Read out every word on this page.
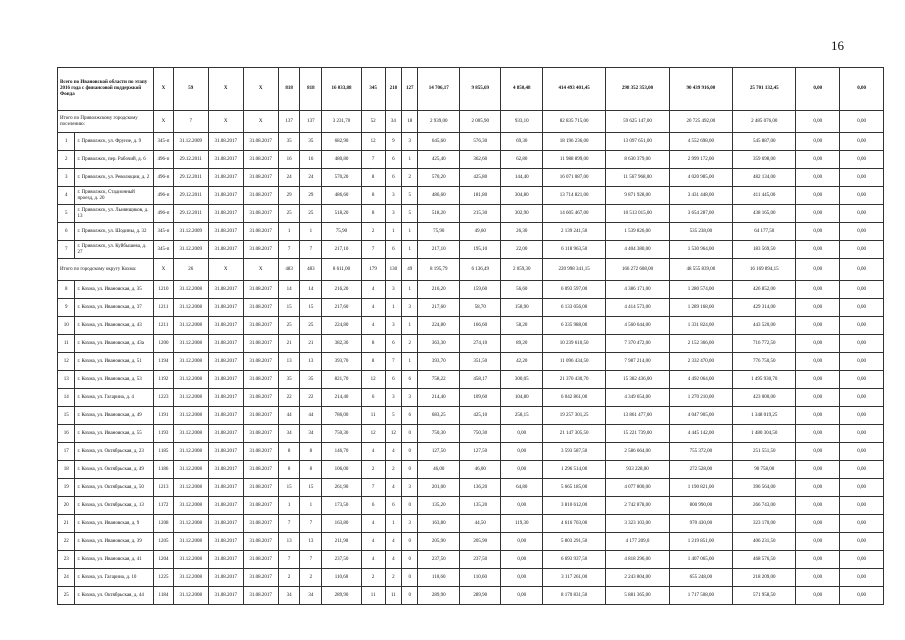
16
Всего по Ивановской области по этапу 2016 года с финансовой поддержкой Фонда		X	59	X	X	818	818	16 033,88	345	218	127	14 706,17	9 855,69	4 850,48	414 493 401,45	298 352 353,00	90 439 916,00	25 701 132,45	0,00	0,00
Итого по Приволжскому городскому поселению:		X	7	X	X	137	137	3 231,70	52	34	18	2 939,00	2 005,90	933,10	82 835 715,00	59 625 147,00	20 725 492,00	2 485 076,00	0,00	0,00
1	г. Приволжск, ул. Фрунзе, д. 9	345-п	31.12.2009	31.08.2017	31.08.2017	35	35	682,90	12	9	3	645,60	576,30	69,30	18 196 236,00	13 097 651,00	4 552 698,00	545 887,00	0,00	0,00
2	г. Приволжск, пер. Рабочий, д. 6	496-п	29.12.2011	31.08.2017	31.08.2017	16	16	480,80	7	6	1	425,40	362,60	62,80	11 988 899,00	8 630 379,00	2 999 172,00	359 698,00	0,00	0,00
3	г. Приволжск, ул. Революции, д. 2	496-п	29.12.2011	31.08.2017	31.08.2017	24	24	570,20	8	6	2	570,20	425,80	144,40	16 071 087,00	11 567 968,00	4 020 985,00	482 134,00	0,00	0,00
4	г. Приволжск, Стадионный проезд, д. 20	496-п	29.12.2011	31.08.2017	31.08.2017	29	29	486,60	8	3	5	486,60	181,80	304,80	13 714 821,00	9 871 928,00	3 431 448,00	411 445,00	0,00	0,00
5	г. Приволжск, ул. Льнянщиков, д. 13	496-п	29.12.2011	31.08.2017	31.08.2017	25	25	518,20	8	3	5	518,20	215,30	302,90	14 605 467,00	10 513 015,00	3 654 287,00	438 165,00	0,00	0,00
6	г. Приволжск, ул. Шодины, д. 32	345-п	31.12.2009	31.08.2017	31.08.2017	1	1	75,90	2	1	1	75,90	49,60	26,30	2 139 241,50	1 539 826,00	535 238,00	64 177,50	0,00	0,00
7	г. Приволжск, ул. Куйбышева, д. 27	345-п	31.12.2009	31.08.2017	31.08.2017	7	7	217,10	7	6	1	217,10	195,10	22,00	6 118 963,50	4 404 380,00	1 530 964,00	183 569,50	0,00	0,00
Итого по городскому округу Кохма:		X	26	X	X	483	483	8 611,00	179	130	49	8 195,79	6 136,49	2 059,30	220 998 341,15	166 272 608,00	48 555 839,00	16 169 894,15	0,00	0,00
8	г. Кохма, ул. Ивановская, д. 35	1210	31.12.2008	31.08.2017	31.08.2017	14	14	216,20	4	3	1	216,20	159,60	56,60	6 093 597,00	4 386 171,00	1 280 574,00	426 852,00	0,00	0,00
9	г. Кохма, ул. Ивановская, д. 37	1211	31.12.2008	31.08.2017	31.08.2017	15	15	217,60	4	1	3	217,60	58,70	158,90	6 133 056,00	4 414 573,00	1 289 168,00	429 314,00	0,00	0,00
10	г. Кохма, ул. Ивановская, д. 43	1211	31.12.2008	31.08.2017	31.08.2017	25	25	224,80	4	3	1	224,80	166,60	58,20	6 335 988,00	4 560 644,00	1 331 824,00	443 520,00	0,00	0,00
11	г. Кохма, ул. Ивановская, д. 43а	1200	31.12.2008	31.08.2017	31.08.2017	21	21	382,30	8	6	2	363,30	274,10	89,20	10 239 610,50	7 370 472,00	2 152 366,00	716 772,50	0,00	0,00
12	г. Кохма, ул. Ивановская, д. 51	1194	31.12.2008	31.08.2017	31.08.2017	13	13	393,70	8	7	1	393,70	351,50	42,20	11 096 434,50	7 987 214,00	2 332 470,00	776 750,50	0,00	0,00
13	г. Кохма, ул. Ивановская, д. 53	1192	31.12.2008	31.08.2017	31.08.2017	35	35	821,70	12	6	6	758,22	458,17	300,05	21 370 430,70	15 382 436,00	4 492 064,00	1 495 930,70	0,00	0,00
14	г. Кохма, ул. Гагарина, д. 4	1223	31.12.2008	31.08.2017	31.08.2017	22	22	214,40	6	3	3	214,40	109,60	104,80	6 042 861,00	4 349 654,00	1 270 210,00	423 000,00	0,00	0,00
15	г. Кохма, ул. Ивановская, д. 49	1191	31.12.2008	31.08.2017	31.08.2017	44	44	786,00	11	5	6	683,25	425,10	258,15	19 257 301,25	13 861 477,00	4 047 905,00	1 348 019,25	0,00	0,00
16	г. Кохма, ул. Ивановская, д. 55	1193	31.12.2008	31.08.2017	31.08.2017	34	34	750,30	12	12	0	750,30	750,30	0,00	21 147 305,50	15 221 739,00	4 445 142,00	1 480 304,50	0,00	0,00
17	г. Кохма, ул. Октябрьская, д. 23	1185	31.12.2008	31.08.2017	31.08.2017	8	8	146,70	4	4	0	127,50	127,50	0,00	3 593 587,50	2 586 664,00	755 372,00	251 551,50	0,00	0,00
18	г. Кохма, ул. Октябрьская, д. 49	1186	31.12.2008	31.08.2017	31.08.2017	8	8	106,00	2	2	0	46,00	46,00	0,00	1 296 514,00	933 228,00	272 528,00	90 758,00	0,00	0,00
19	г. Кохма, ул. Октябрьская, д. 50	1213	31.12.2008	31.08.2017	31.08.2017	15	15	261,90	7	4	3	201,00	136,20	64,80	5 665 185,00	4 077 800,00	1 190 821,00	396 564,00	0,00	0,00
20	г. Кохма, ул. Октябрьская, д. 13	1172	31.12.2008	31.08.2017	31.08.2017	1	1	173,50	6	6	0	135,20	135,20	0,00	3 810 612,00	2 742 878,00	800 990,00	266 743,00	0,00	0,00
21	г. Кохма, ул. Ивановская, д. 9	1208	31.12.2008	31.08.2017	31.08.2017	7	7	163,80	4	1	3	163,80	44,50	119,30	4 616 703,00	3 323 103,00	970 430,00	323 170,00	0,00	0,00
22	г. Кохма, ул. Ивановская, д. 39	1205	31.12.2008	31.08.2017	31.08.2017	13	13	211,90	4	4	0	205,90	205,90	0,00	5 803 291,50	4 177 209,0	1 219 851,00	406 231,50	0,00	0,00
23	г. Кохма, ул. Ивановская, д. 41	1204	31.12.2008	31.08.2017	31.08.2017	7	7	237,50	4	4	0	237,50	237,50	0,00	6 693 937,50	4 818 296,00	1 407 065,00	468 576,50	0,00	0,00
24	г. Кохма, ул. Гагарина, д. 10	1225	31.12.2008	31.08.2017	31.08.2017	2	2	110,60	2	2	0	110,60	110,60	0,00	3 117 261,00	2 243 804,00	655 248,00	218 209,00	0,00	0,00
25	г. Кохма, ул. Октябрьская, д. 44	1184	31.12.2008	31.08.2017	31.08.2017	34	34	289,90	11	11	0	289,90	289,90	0,00	8 170 831,50	5 881 365,00	1 717 508,00	571 958,50	0,00	0,00
